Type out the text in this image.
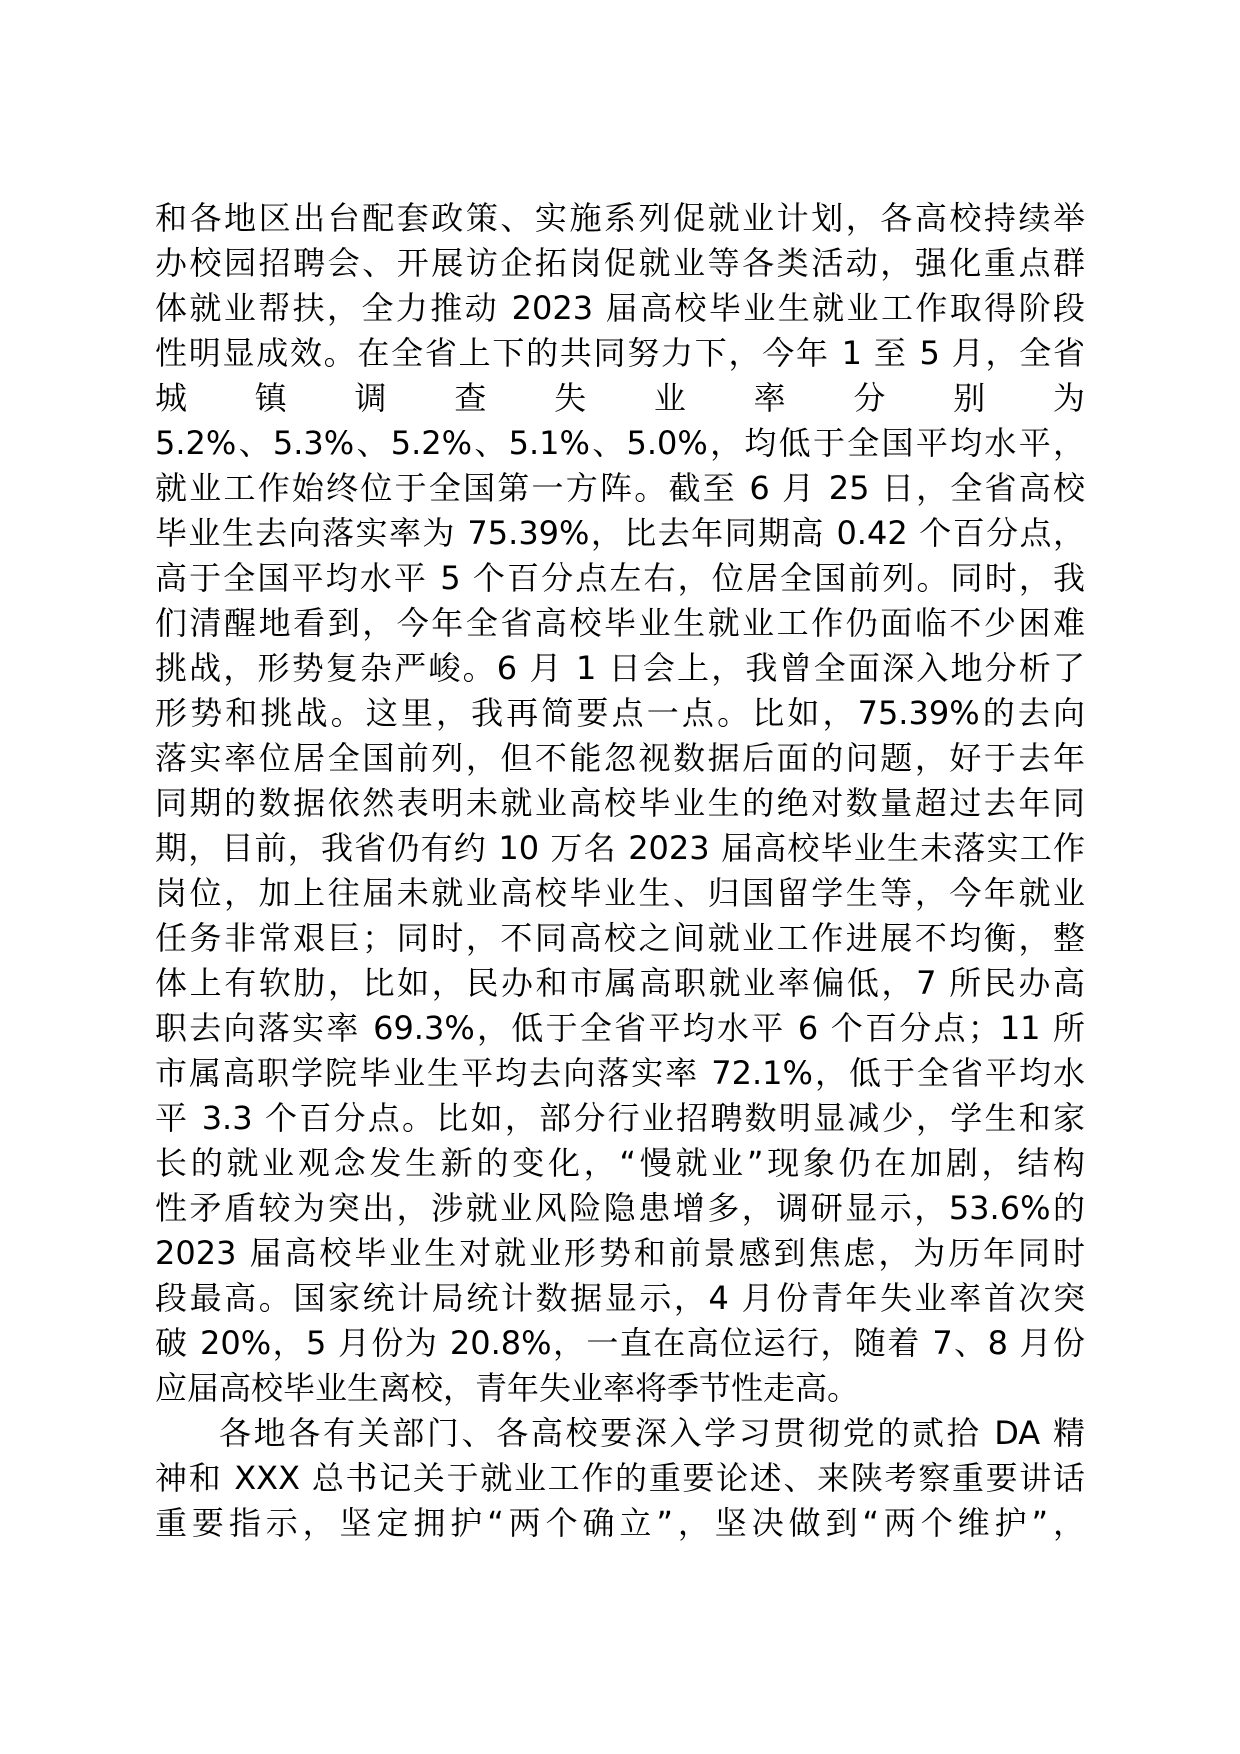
和各地区出台配套政策、实施系列促就业计划，各高校持续举
办校园招聘会、开展访企拓岗促就业等各类活动，强化重点群
体就业帮扶，全力推动 2023 届高校毕业生就业工作取得阶段
性明显成效。在全省上下的共同努力下，今年 1 至 5 月，全省
城 镇 调 查 失 业 率 分 别 为
5.2%、5.3%、5.2%、5.1%、5.0%，均低于全国平均水平，
就业工作始终位于全国第一方阵。截至 6 月 25 日，全省高校
毕业生去向落实率为 75.39%，比去年同期高 0.42 个百分点，
高于全国平均水平 5 个百分点左右，位居全国前列。同时，我
们清醒地看到，今年全省高校毕业生就业工作仍面临不少困难
挑战，形势复杂严峻。6 月 1 日会上，我曾全面深入地分析了
形势和挑战。这里，我再简要点一点。比如，75.39%的去向
落实率位居全国前列，但不能忽视数据后面的问题，好于去年
同期的数据依然表明未就业高校毕业生的绝对数量超过去年同
期，目前，我省仍有约 10 万名 2023 届高校毕业生未落实工作
岗位，加上往届未就业高校毕业生、归国留学生等，今年就业
任务非常艰巨；同时，不同高校之间就业工作进展不均衡，整
体上有软肋，比如，民办和市属高职就业率偏低，7 所民办高
职去向落实率 69.3%，低于全省平均水平 6 个百分点；11 所
市属高职学院毕业生平均去向落实率 72.1%，低于全省平均水
平 3.3 个百分点。比如，部分行业招聘数明显减少，学生和家
长的就业观念发生新的变化，“慢就业”现象仍在加剧，结构
性矛盾较为突出，涉就业风险隐患增多，调研显示，53.6%的
2023 届高校毕业生对就业形势和前景感到焦虑，为历年同时
段最高。国家统计局统计数据显示，4 月份青年失业率首次突
破 20%，5 月份为 20.8%，一直在高位运行，随着 7、8 月份
应届高校毕业生离校，青年失业率将季节性走高。
各地各有关部门、各高校要深入学习贯彻党的贰拾 DA 精
神和 XXX 总书记关于就业工作的重要论述、来陕考察重要讲话
重要指示，坚定拥护“两个确立”，坚决做到“两个维护”，
